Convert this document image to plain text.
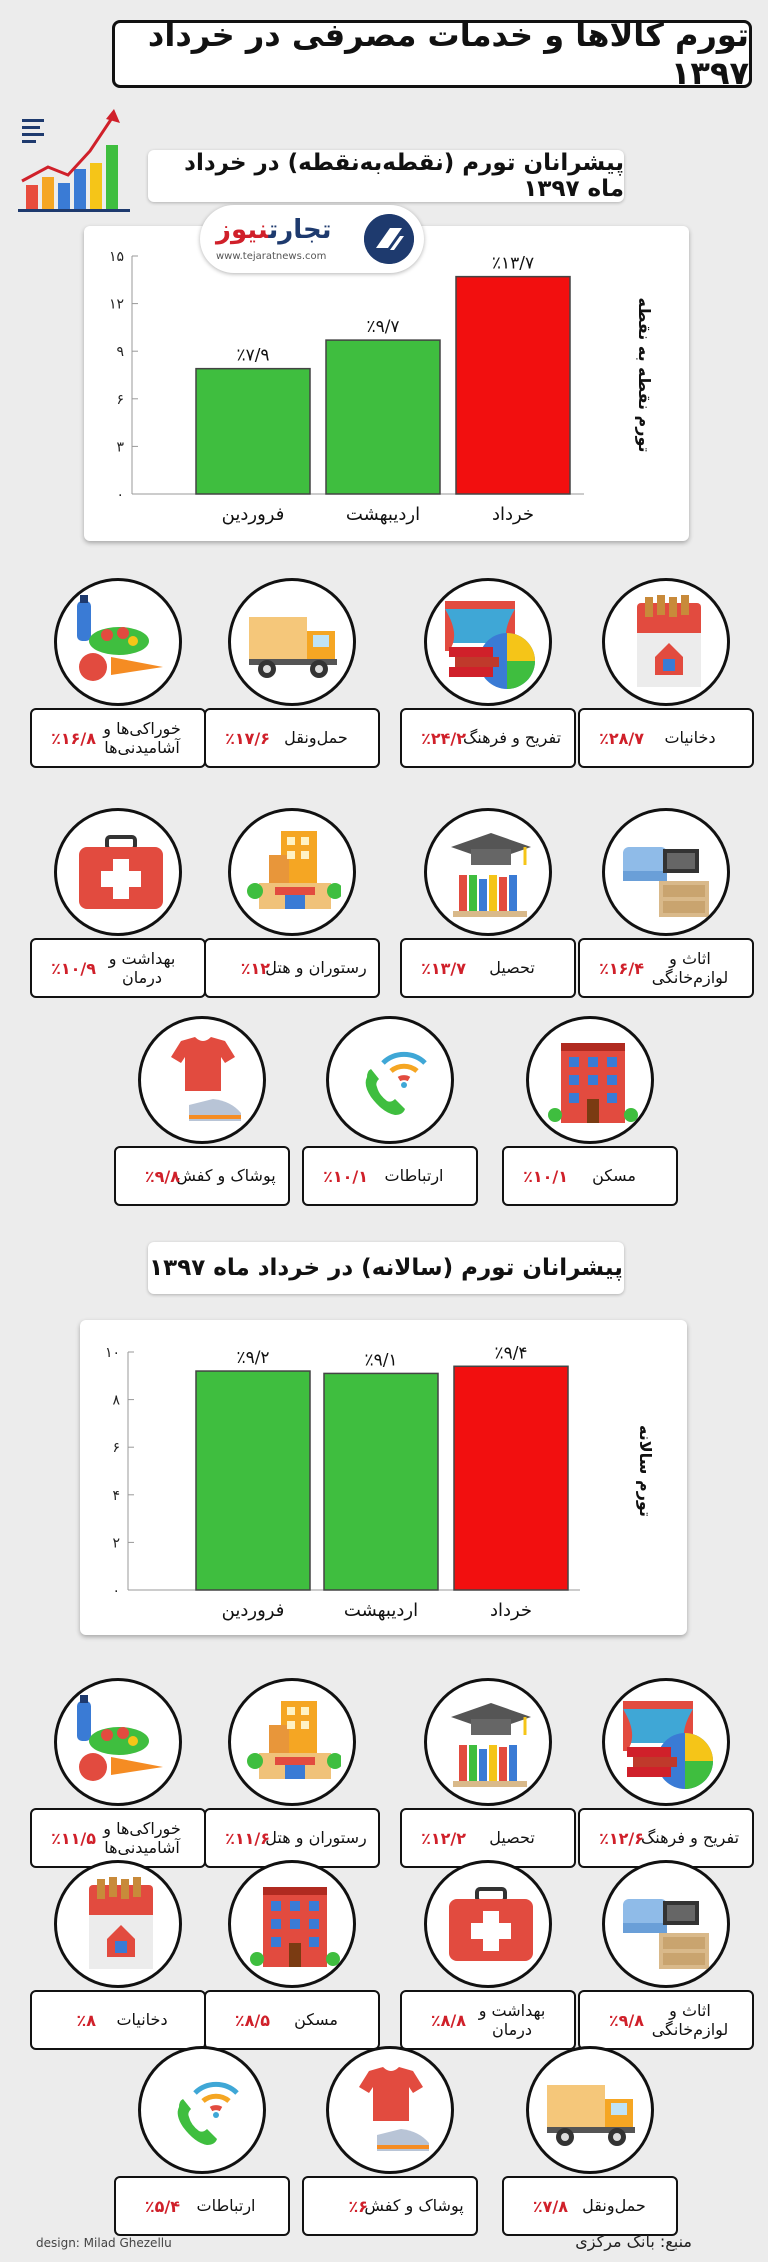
تورم کالاها و خدمات مصرفی در خرداد ۱۳۹۷
پیشرانان تورم (نقطه‌به‌نقطه) در خرداد ماه ۱۳۹۷
۰
۳
۶
۹
۱۲
۱۵
٪۷/۹
فروردین
٪۹/۷
اردیبهشت
٪۱۳/۷
خرداد
تورم نقطه به نقطه
تجارتنیوز
www.tejaratnews.com
دخانیات
٪۲۸/۷
تفریح و فرهنگ
٪۲۴/۲
حمل‌ونقل
٪۱۷/۶
خوراکی‌ها و آشامیدنی‌ها
٪۱۶/۸
اثاث و لوازم‌خانگی
٪۱۶/۴
تحصیل
٪۱۳/۷
رستوران و هتل
٪۱۲
بهداشت و درمان
٪۱۰/۹
مسکن
٪۱۰/۱
ارتباطات
٪۱۰/۱
پوشاک و کفش
٪۹/۸
پیشرانان تورم (سالانه) در خرداد ماه ۱۳۹۷
۰
۲
۴
۶
۸
۱۰	٪۹/۲
فروردین
٪۹/۱
اردیبهشت
٪۹/۴
خرداد
تورم سالانه
تفریح و فرهنگ
٪۱۲/۶
تحصیل
٪۱۲/۲
رستوران و هتل
٪۱۱/۶
خوراکی‌ها و آشامیدنی‌ها
٪۱۱/۵
اثاث و لوازم‌خانگی
٪۹/۸
بهداشت و درمان
٪۸/۸
مسکن
٪۸/۵
دخانیات
٪۸
حمل‌ونقل
٪۷/۸
پوشاک و کفش
٪۶
ارتباطات
٪۵/۴
منبع: بانک مرکزی
design: Milad Ghezellu
